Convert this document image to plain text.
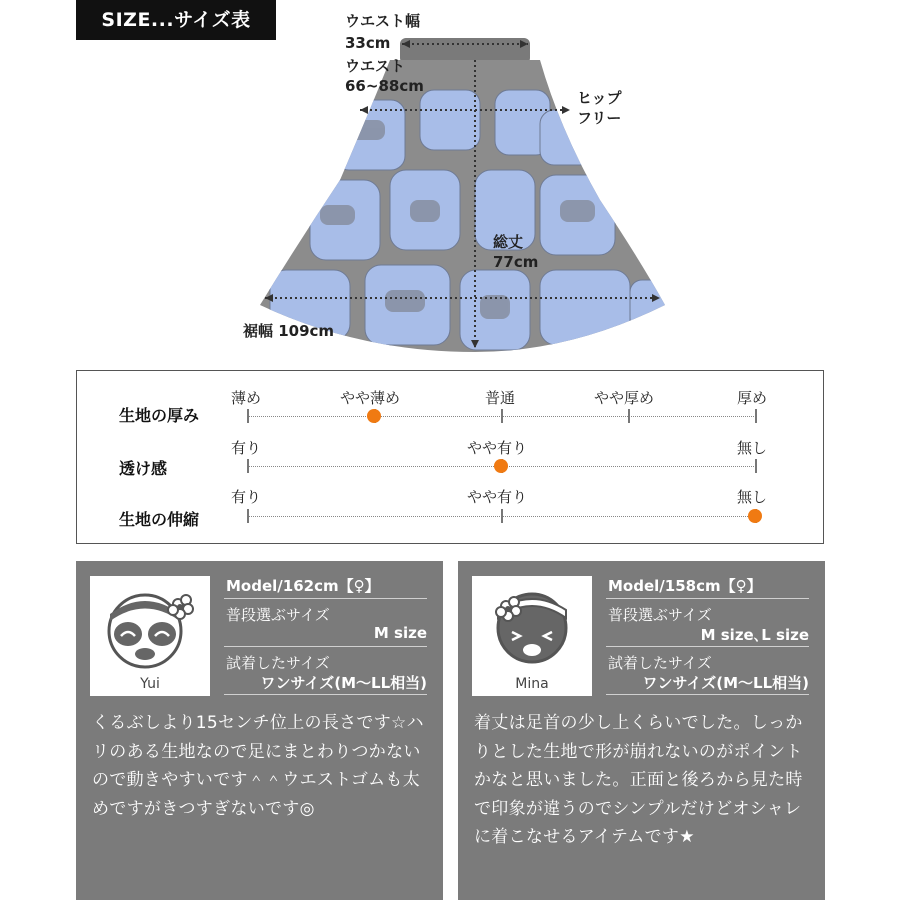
SIZE...サイズ表	ウエスト幅
33cm
ウエスト
66~88cm
ヒップ
フリー
総丈
77cm
裾幅 109cm
生地の厚み
薄め	やや薄め	普通	やや厚め	厚め
透け感
有り	やや有り	無し
生地の伸縮
有り	やや有り	無し
Yui
Model/162cm【♀】
普段選ぶサイズ
M size
試着したサイズ
ワンサイズ(M〜LL相当)
くるぶしより15センチ位上の長さです☆ハリのある生地なので足にまとわりつかないので動きやすいです＾＾ウエストゴムも太めですがきつすぎないです◎
Mina
Model/158cm【♀】
普段選ぶサイズ
M size､L size
試着したサイズ
ワンサイズ(M〜LL相当)
着丈は足首の少し上くらいでした。しっかりとした生地で形が崩れないのがポイントかなと思いました。正面と後ろから見た時で印象が違うのでシンプルだけどオシャレに着こなせるアイテムです★
